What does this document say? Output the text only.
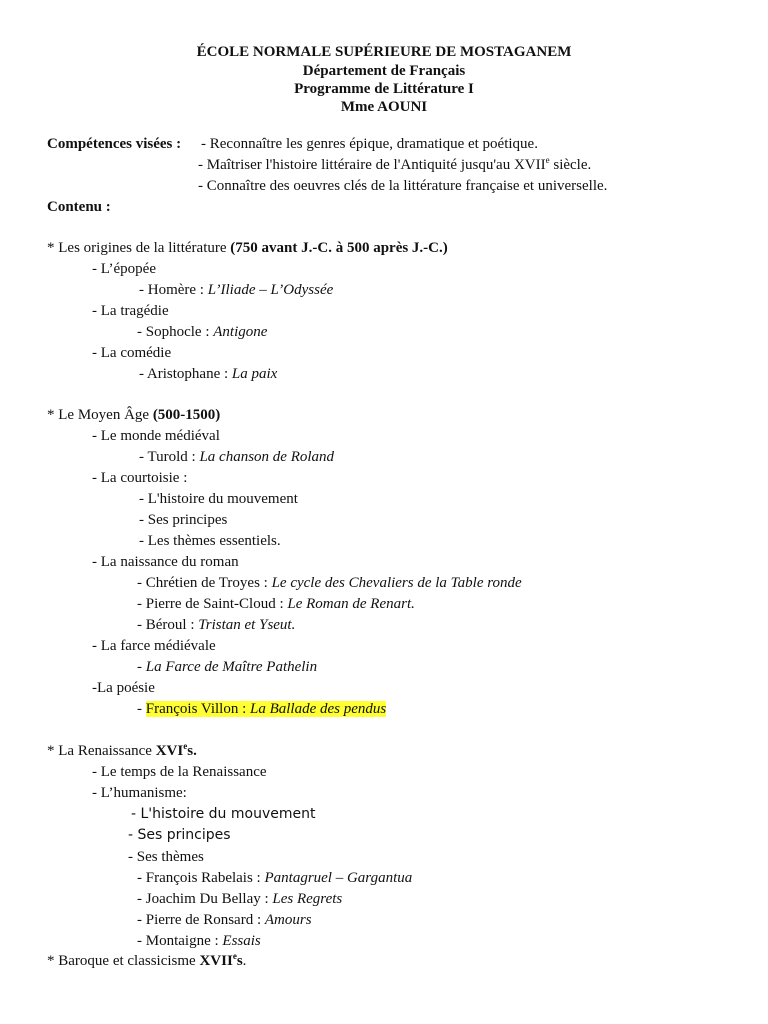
ÉCOLE NORMALE SUPÉRIEURE DE MOSTAGANEM
Département de Français
Programme de Littérature I
Mme AOUNI
Compétences visées : - Reconnaître les genres épique, dramatique et poétique.
- Maîtriser l'histoire littéraire de l'Antiquité jusqu'au XVIIe siècle.
- Connaître des oeuvres clés de la littérature française et universelle.
Contenu :
* Les origines de la littérature (750 avant J.-C. à 500 après J.-C.)
- L’épopée
- Homère : L’Iliade – L’Odyssée
- La tragédie
- Sophocle : Antigone
- La comédie
- Aristophane : La paix
* Le Moyen Âge (500-1500)
- Le monde médiéval
- Turold : La chanson de Roland
- La courtoisie :
- L'histoire du mouvement
- Ses principes
- Les thèmes essentiels.
- La naissance du roman
- Chrétien de Troyes : Le cycle des Chevaliers de la Table ronde
- Pierre de Saint-Cloud : Le Roman de Renart.
- Béroul : Tristan et Yseut.
- La farce médiévale
- La Farce de Maître Pathelin
-La poésie
- François Villon : La Ballade des pendus
* La Renaissance XVIes.
- Le temps de la Renaissance
- L’humanisme:
- L'histoire du mouvement
- Ses principes
- Ses thèmes
- François Rabelais : Pantagruel – Gargantua
- Joachim Du Bellay : Les Regrets
- Pierre de Ronsard : Amours
- Montaigne : Essais
* Baroque et classicisme XVIIes.
